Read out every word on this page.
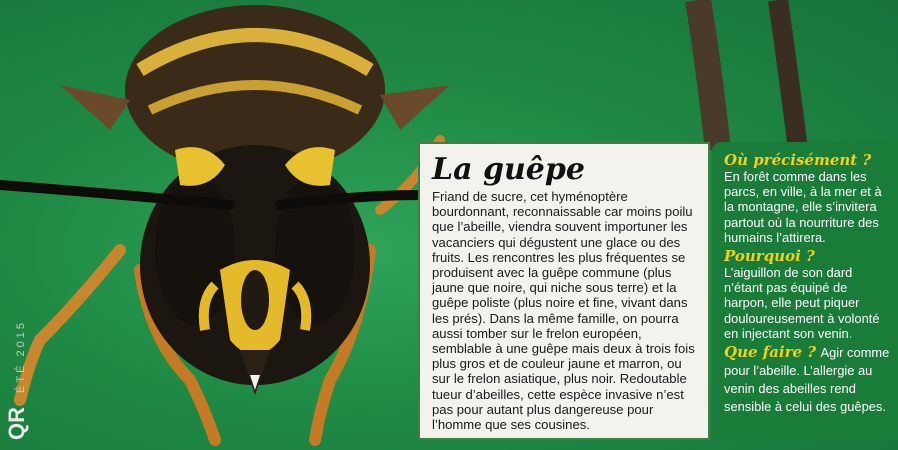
QR ÉTÉ 2015
La guêpe

Friand de sucre, cet hyménoptère bourdonnant, reconnaissable car moins poilu que l’abeille, viendra souvent importuner les vacanciers qui dégustent une glace ou des fruits. Les rencontres les plus fréquentes se produisent avec la guêpe commune (plus jaune que noire, qui niche sous terre) et la guêpe poliste (plus noire et fine, vivant dans les prés). Dans la même famille, on pourra aussi tomber sur le frelon européen, semblable à une guêpe mais deux à trois fois plus gros et de couleur jaune et marron, ou sur le frelon asiatique, plus noir. Redoutable tueur d’abeilles, cette espèce invasive n’est pas pour autant plus dangereuse pour l’homme que ses cousines.

Où précisément ?
En forêt comme dans les parcs, en ville, à la mer et à la montagne, elle s’invitera partout où la nourriture des humains l’attirera.
Pourquoi ?
L’aiguillon de son dard n’étant pas équipé de harpon, elle peut piquer douloureusement à volonté en injectant son venin.
Que faire ? Agir comme pour l’abeille. L’allergie au venin des abeilles rend sensible à celui des guêpes.
